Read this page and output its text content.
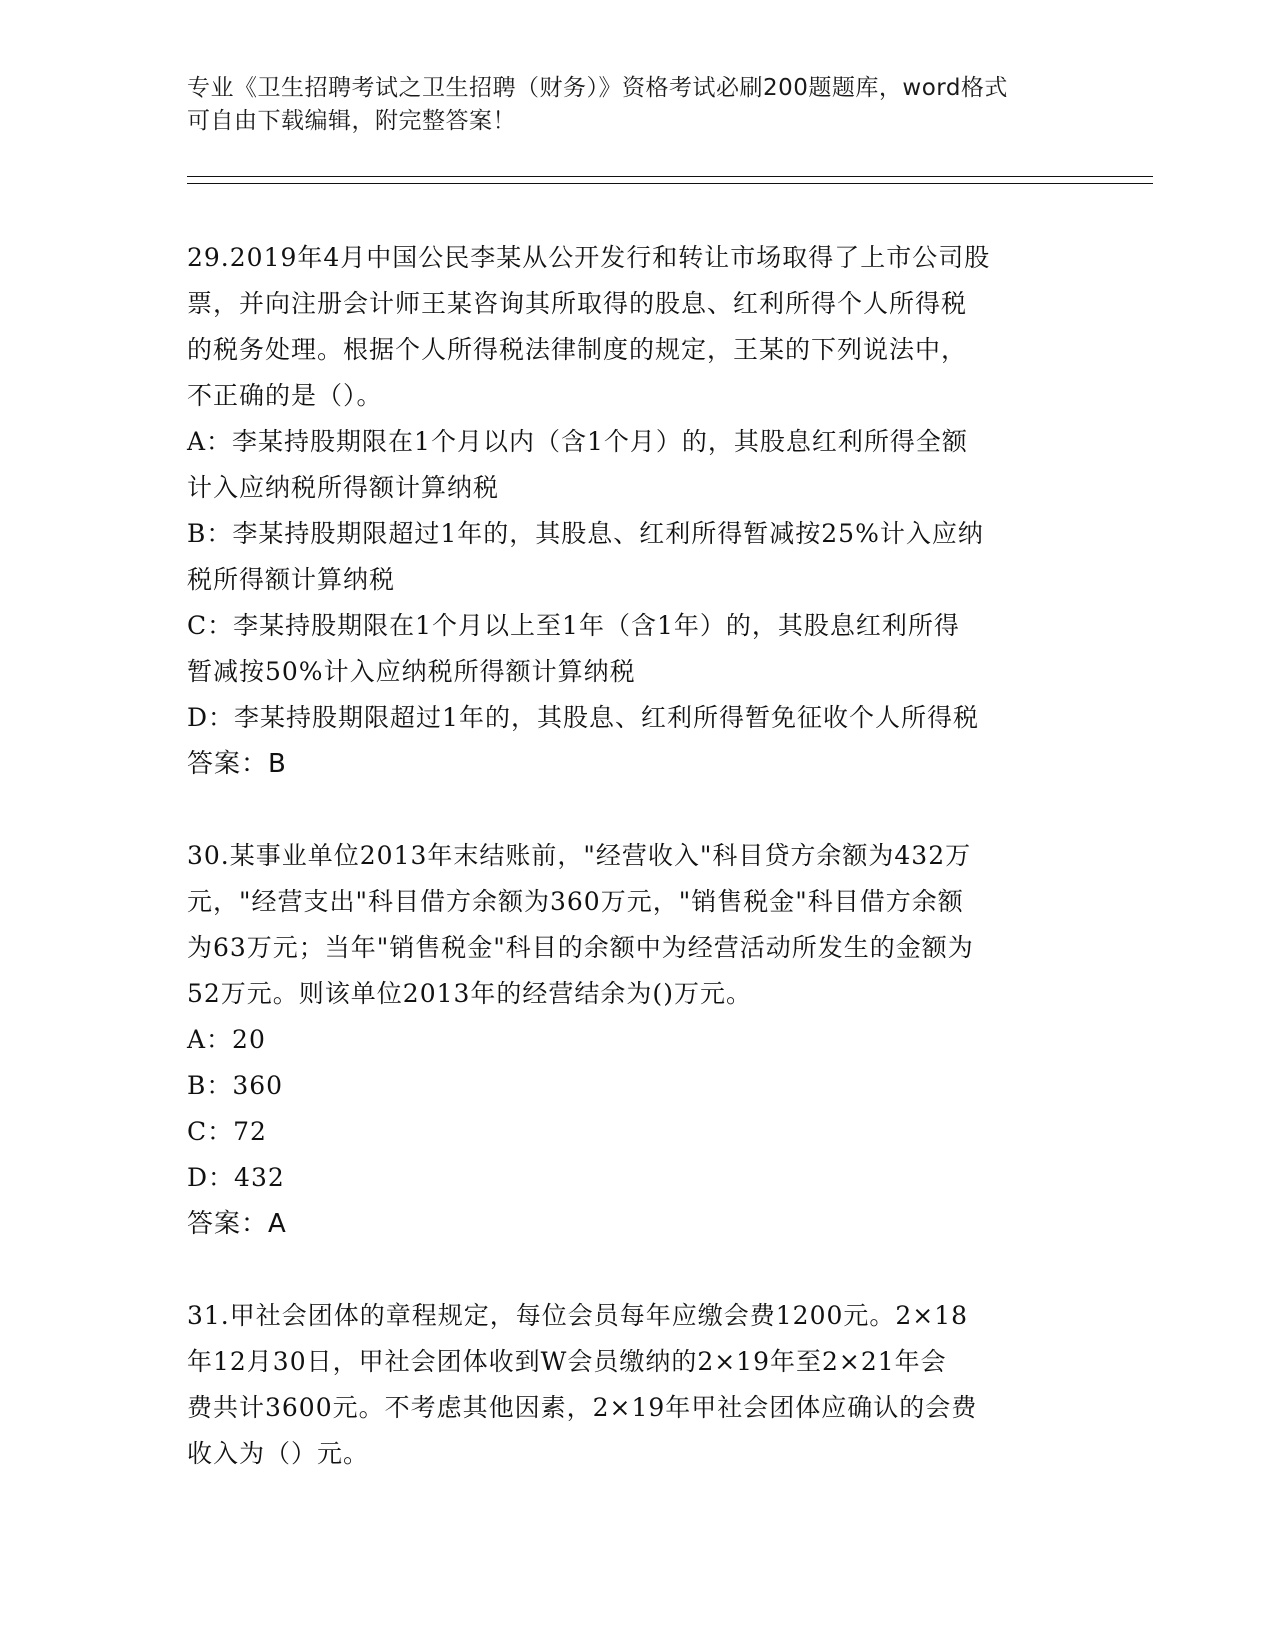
专业《卫生招聘考试之卫生招聘（财务）》资格考试必刷200题题库，word格式
可自由下载编辑，附完整答案！
29.2019年4月中国公民李某从公开发行和转让市场取得了上市公司股
票，并向注册会计师王某咨询其所取得的股息、红利所得个人所得税
的税务处理。根据个人所得税法律制度的规定，王某的下列说法中，
不正确的是（）。
A：李某持股期限在1个月以内（含1个月）的，其股息红利所得全额
计入应纳税所得额计算纳税
B：李某持股期限超过1年的，其股息、红利所得暂减按25%计入应纳
税所得额计算纳税
C：李某持股期限在1个月以上至1年（含1年）的，其股息红利所得
暂减按50%计入应纳税所得额计算纳税
D：李某持股期限超过1年的，其股息、红利所得暂免征收个人所得税
答案：B
30.某事业单位2013年末结账前，"经营收入"科目贷方余额为432万
元，"经营支出"科目借方余额为360万元，"销售税金"科目借方余额
为63万元；当年"销售税金"科目的余额中为经营活动所发生的金额为
52万元。则该单位2013年的经营结余为()万元。
A：20
B：360
C：72
D：432
答案：A
31.甲社会团体的章程规定，每位会员每年应缴会费1200元。2×18
年12月30日，甲社会团体收到W会员缴纳的2×19年至2×21年会
费共计3600元。不考虑其他因素，2×19年甲社会团体应确认的会费
收入为（）元。
